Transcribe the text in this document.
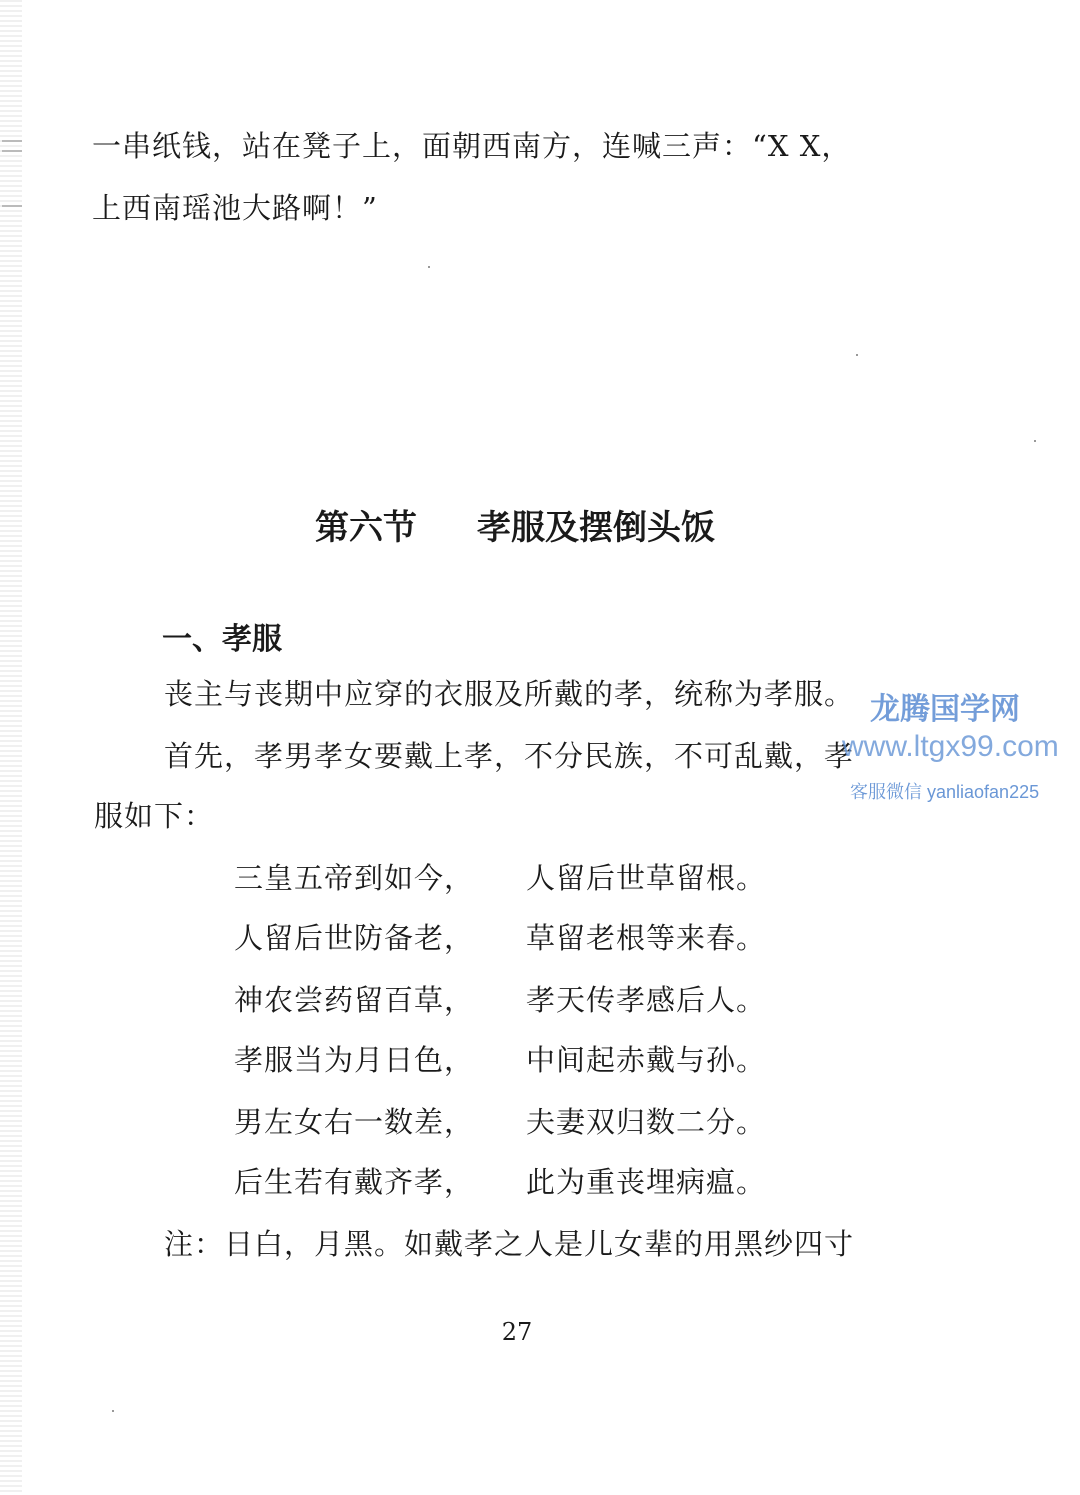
一串纸钱，站在凳子上，面朝西南方，连喊三声：“X X，
上西南瑶池大路啊！”
第六节 孝服及摆倒头饭
一、孝服
丧主与丧期中应穿的衣服及所戴的孝，统称为孝服。
首先，孝男孝女要戴上孝，不分民族，不可乱戴，孝
服如下：
三皇五帝到如今， 人留后世草留根。
人留后世防备老， 草留老根等来春。
神农尝药留百草， 孝天传孝感后人。
孝服当为月日色， 中间起赤戴与孙。
男左女右一数差， 夫妻双归数二分。
后生若有戴齐孝， 此为重丧埋病瘟。
注：日白，月黑。如戴孝之人是儿女辈的用黑纱四寸
27
龙腾国学网
www.ltgx99.com
客服微信 yanliaofan225
